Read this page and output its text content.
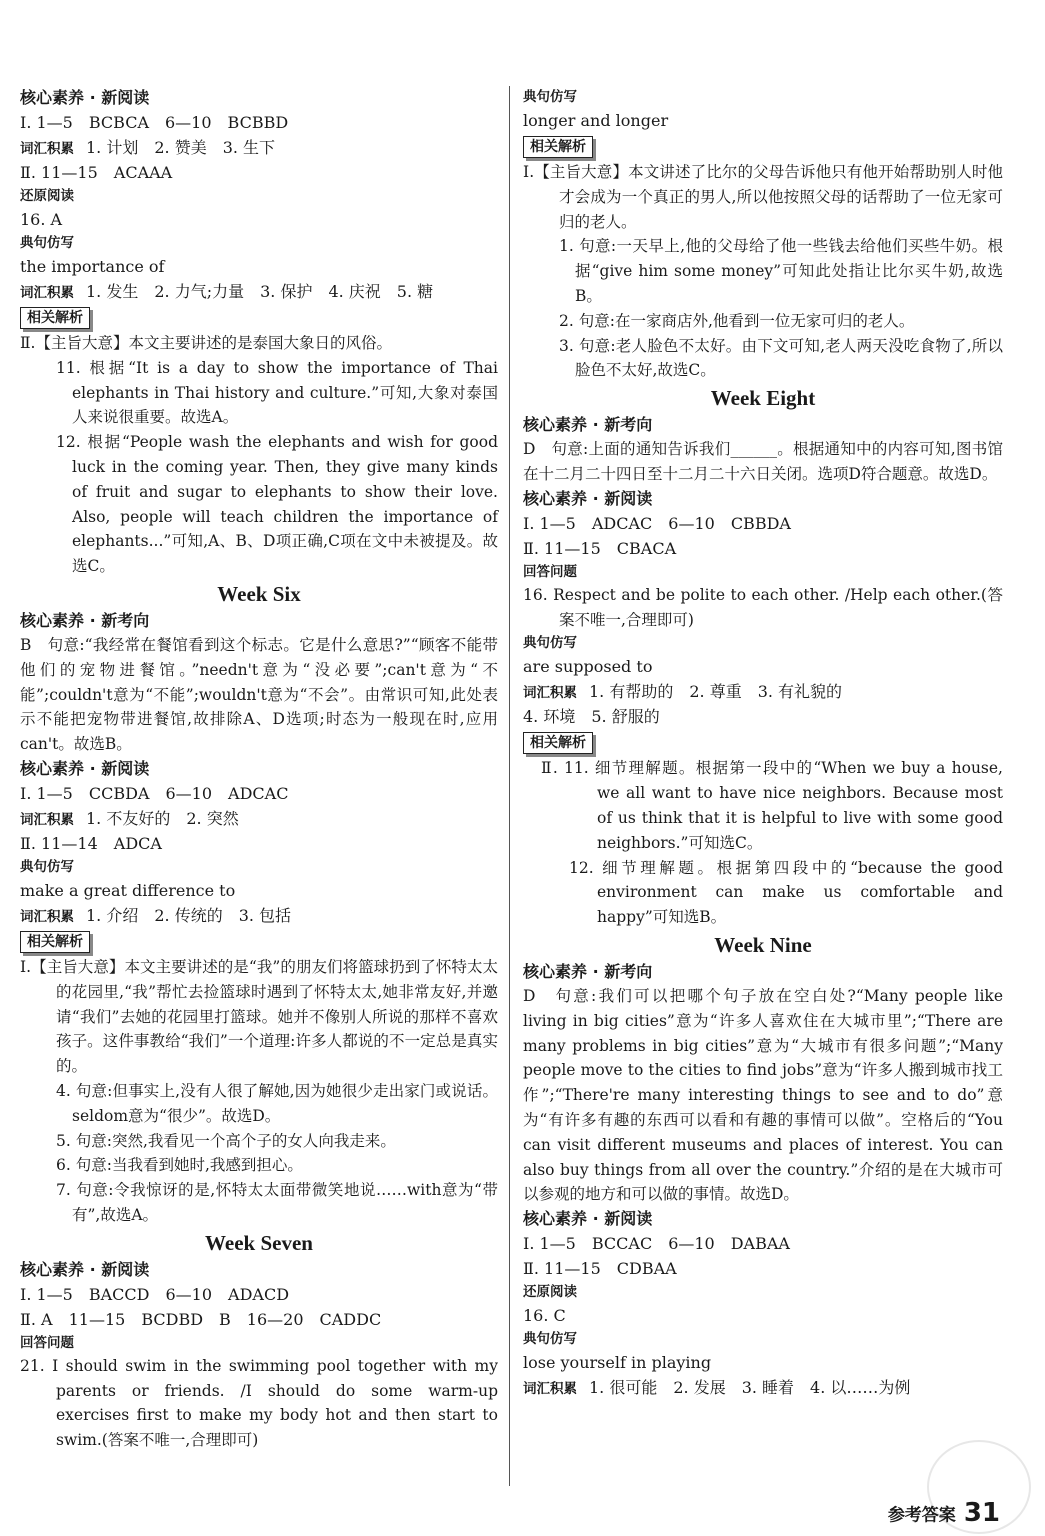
核心素养 · 新阅读
Ⅰ. 1—5　BCBCA　6—10　BCBBD
词汇积累 1. 计划　2. 赞美　3. 生下
Ⅱ. 11—15　ACAAA
还原阅读
16. A
典句仿写
the importance of
词汇积累 1. 发生　2. 力气;力量　3. 保护　4. 庆祝　5. 糖
相关解析
Ⅱ.【主旨大意】本文主要讲述的是泰国大象日的风俗。
11. 根据“It is a day to show the importance of Thai elephants in Thai history and culture.”可知,大象对泰国人来说很重要。故选A。
12. 根据“People wash the elephants and wish for good luck in the coming year. Then, they give many kinds of fruit and sugar to elephants to show their love. Also, people will teach children the importance of elephants...”可知,A、B、D项正确,C项在文中未被提及。故选C。
Week Six
核心素养 · 新考向
B　句意:“我经常在餐馆看到这个标志。它是什么意思?”“顾客不能带他们的宠物进餐馆。”needn't意为“没必要”;can't意为“不能”;couldn't意为“不能”;wouldn't意为“不会”。由常识可知,此处表示不能把宠物带进餐馆,故排除A、D选项;时态为一般现在时,应用can't。故选B。
核心素养 · 新阅读
Ⅰ. 1—5　CCBDA　6—10　ADCAC
词汇积累 1. 不友好的　2. 突然
Ⅱ. 11—14　ADCA
典句仿写
make a great difference to
词汇积累 1. 介绍　2. 传统的　3. 包括
相关解析
Ⅰ.【主旨大意】本文主要讲述的是“我”的朋友们将篮球扔到了怀特太太的花园里,“我”帮忙去捡篮球时遇到了怀特太太,她非常友好,并邀请“我们”去她的花园里打篮球。她并不像别人所说的那样不喜欢孩子。这件事教给“我们”一个道理:许多人都说的不一定总是真实的。
4. 句意:但事实上,没有人很了解她,因为她很少走出家门或说话。seldom意为“很少”。故选D。
5. 句意:突然,我看见一个高个子的女人向我走来。
6. 句意:当我看到她时,我感到担心。
7. 句意:令我惊讶的是,怀特太太面带微笑地说……with意为“带有”,故选A。
Week Seven
核心素养 · 新阅读
Ⅰ. 1—5　BACCD　6—10　ADACD
Ⅱ. A　11—15　BCDBD　B　16—20　CADDC
回答问题
21. I should swim in the swimming pool together with my parents or friends. /I should do some warm-up exercises first to make my body hot and then start to swim.(答案不唯一,合理即可)
典句仿写
longer and longer
相关解析
Ⅰ.【主旨大意】本文讲述了比尔的父母告诉他只有他开始帮助别人时他才会成为一个真正的男人,所以他按照父母的话帮助了一位无家可归的老人。
1. 句意:一天早上,他的父母给了他一些钱去给他们买些牛奶。根据“give him some money”可知此处指让比尔买牛奶,故选B。
2. 句意:在一家商店外,他看到一位无家可归的老人。
3. 句意:老人脸色不太好。由下文可知,老人两天没吃食物了,所以脸色不太好,故选C。
Week Eight
核心素养 · 新考向
D　句意:上面的通知告诉我们______。根据通知中的内容可知,图书馆在十二月二十四日至十二月二十六日关闭。选项D符合题意。故选D。
核心素养 · 新阅读
Ⅰ. 1—5　ADCAC　6—10　CBBDA
Ⅱ. 11—15　CBACA
回答问题
16. Respect and be polite to each other. /Help each other.(答案不唯一,合理即可)
典句仿写
are supposed to
词汇积累 1. 有帮助的　2. 尊重　3. 有礼貌的
4. 环境　5. 舒服的
相关解析
Ⅱ. 11. 细节理解题。根据第一段中的“When we buy a house, we all want to have nice neighbors. Because most of us think that it is helpful to live with some good neighbors.”可知选C。
12. 细节理解题。根据第四段中的“because the good environment can make us comfortable and happy”可知选B。
Week Nine
核心素养 · 新考向
D　句意:我们可以把哪个句子放在空白处?“Many people like living in big cities”意为“许多人喜欢住在大城市里”;“There are many problems in big cities”意为“大城市有很多问题”;“Many people move to the cities to find jobs”意为“许多人搬到城市找工作”;“There're many interesting things to see and to do”意为“有许多有趣的东西可以看和有趣的事情可以做”。空格后的“You can visit different museums and places of interest. You can also buy things from all over the country.”介绍的是在大城市可以参观的地方和可以做的事情。故选D。
核心素养 · 新阅读
Ⅰ. 1—5　BCCAC　6—10　DABAA
Ⅱ. 11—15　CDBAA
还原阅读
16. C
典句仿写
lose yourself in playing
词汇积累 1. 很可能　2. 发展　3. 睡着　4. 以……为例
参考答案 31
